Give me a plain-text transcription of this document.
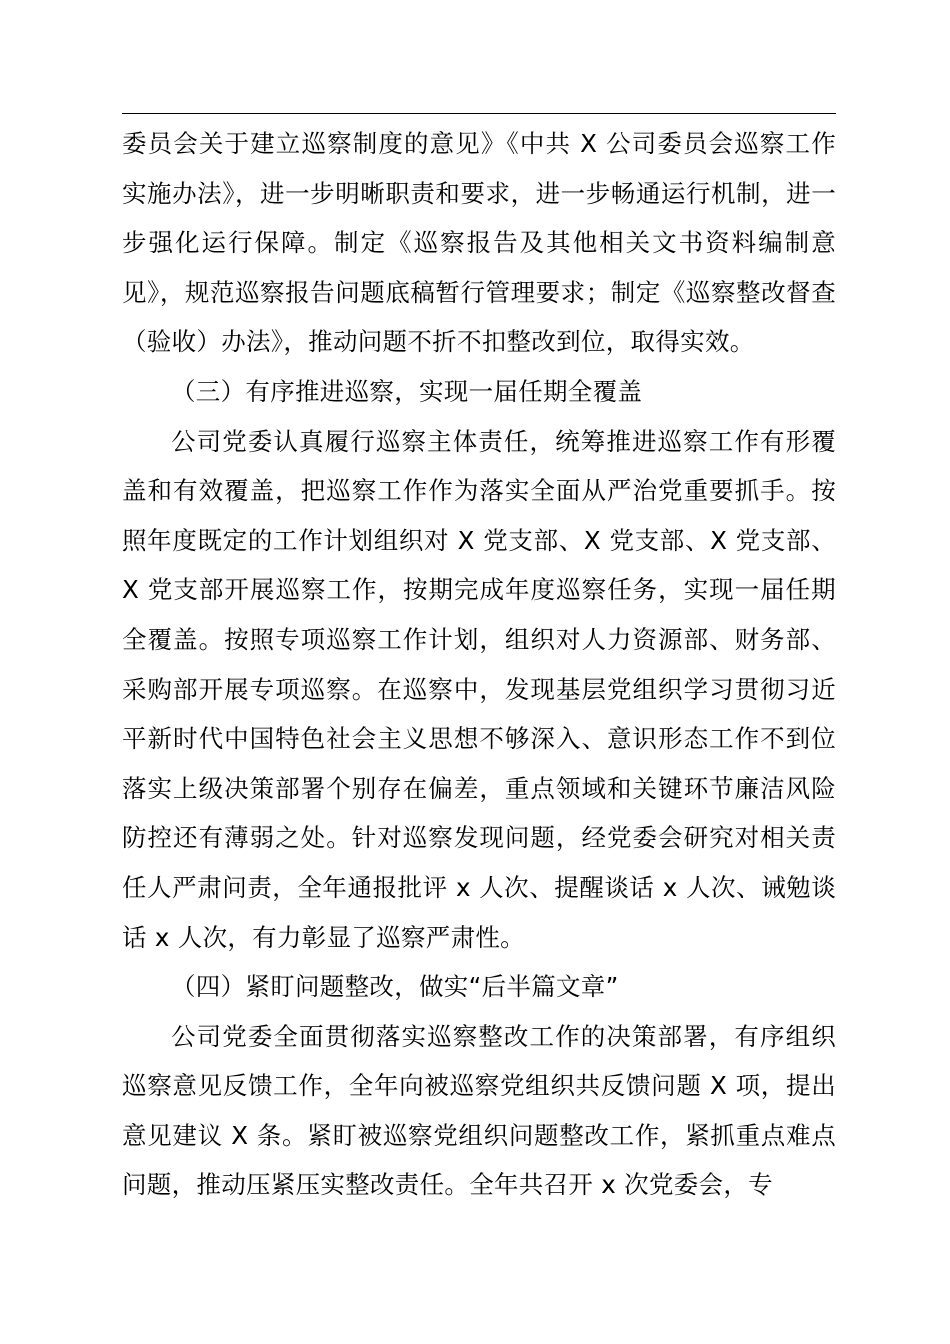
委员会关于建立巡察制度的意见》《中共 X 公司委员会巡察工作实施办法》，进一步明晰职责和要求，进一步畅通运行机制，进一步强化运行保障。制定《巡察报告及其他相关文书资料编制意见》，规范巡察报告问题底稿暂行管理要求；制定《巡察整改督查（验收）办法》，推动问题不折不扣整改到位，取得实效。

（三）有序推进巡察，实现一届任期全覆盖

公司党委认真履行巡察主体责任，统筹推进巡察工作有形覆盖和有效覆盖，把巡察工作作为落实全面从严治党重要抓手。按照年度既定的工作计划组织对 X 党支部、X 党支部、X 党支部、X 党支部开展巡察工作，按期完成年度巡察任务，实现一届任期全覆盖。按照专项巡察工作计划，组织对人力资源部、财务部、采购部开展专项巡察。在巡察中，发现基层党组织学习贯彻习近平新时代中国特色社会主义思想不够深入、意识形态工作不到位落实上级决策部署个别存在偏差，重点领域和关键环节廉洁风险防控还有薄弱之处。针对巡察发现问题，经党委会研究对相关责任人严肃问责，全年通报批评 x 人次、提醒谈话 x 人次、诫勉谈话 x 人次，有力彰显了巡察严肃性。

（四）紧盯问题整改，做实“后半篇文章”

公司党委全面贯彻落实巡察整改工作的决策部署，有序组织巡察意见反馈工作，全年向被巡察党组织共反馈问题 X 项，提出意见建议 X 条。紧盯被巡察党组织问题整改工作，紧抓重点难点问题，推动压紧压实整改责任。全年共召开 x 次党委会，专
